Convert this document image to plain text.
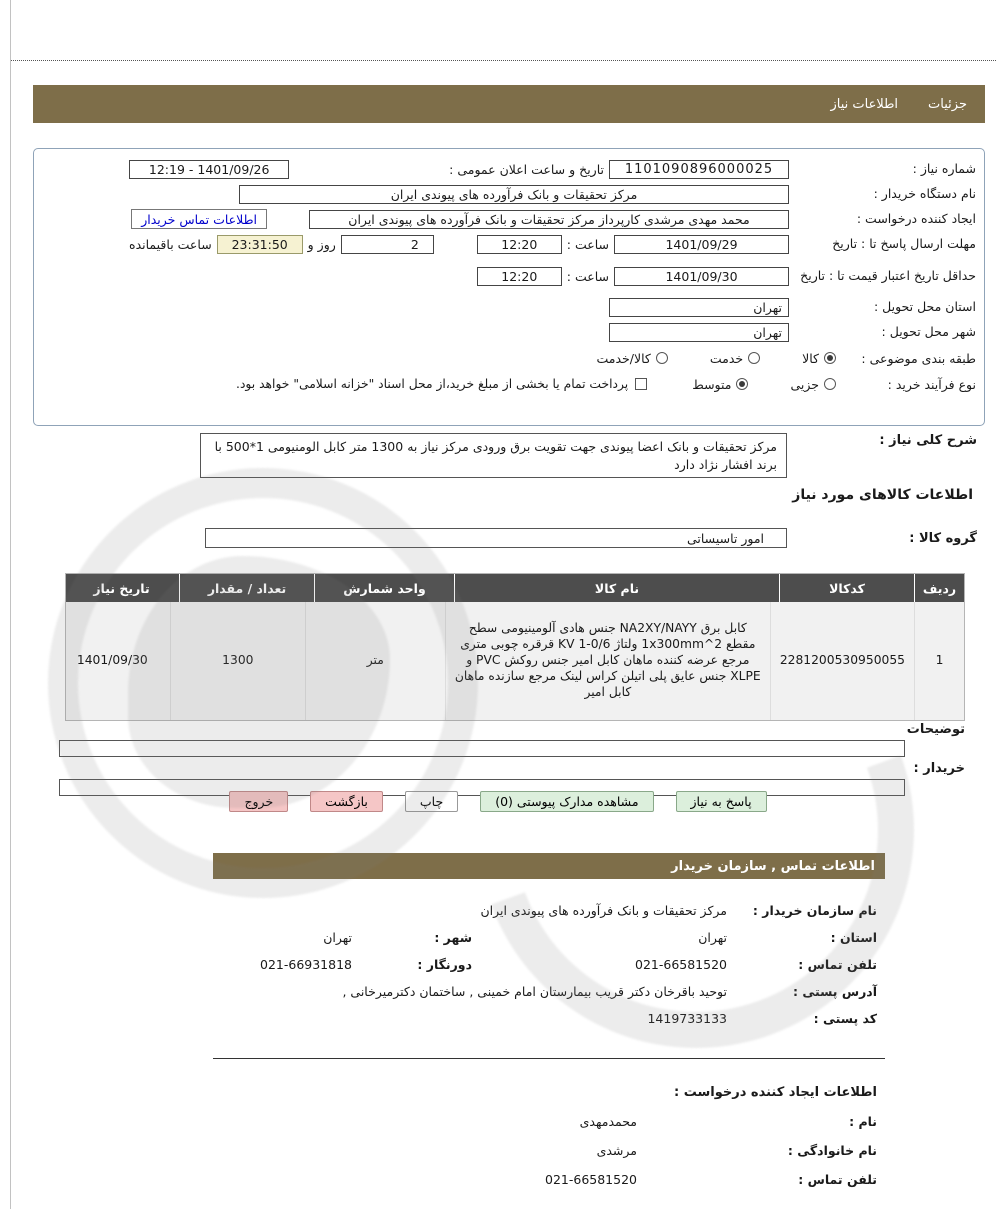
جزئیات
اطلاعات نیاز
شماره نیاز :
1101090896000025
تاریخ و ساعت اعلان عمومی :
1401/09/26 - 12:19
نام دستگاه خریدار :
مرکز تحقیقات و بانک فرآورده های پیوندی ایران
ایجاد کننده درخواست :
محمد مهدی مرشدی کارپرداز مرکز تحقیقات و بانک فرآورده های پیوندی ایران
اطلاعات تماس خریدار
مهلت ارسال پاسخ تا : تاریخ
1401/09/29
ساعت :
12:20
2
روز و
23:31:50
ساعت باقیمانده
حداقل تاریخ اعتبار قیمت تا : تاریخ
1401/09/30
ساعت :
12:20
استان محل تحویل :
تهران
شهر محل تحویل :
تهران
طبقه بندی موضوعی :
کالا
خدمت
کالا/خدمت
نوع فرآیند خرید :
جزیی
متوسط
پرداخت تمام یا بخشی از مبلغ خرید،از محل اسناد "خزانه اسلامی" خواهد بود.
شرح کلی نیاز :
مرکز تحقیقات و بانک اعضا پیوندی جهت تقویت برق ورودی مرکز نیاز به 1300 متر کابل الومنیومی 1*500 با برند افشار نژاد دارد
اطلاعات کالاهای مورد نیاز
گروه کالا :
امور تاسیساتی
ردیف
کدکالا
نام کالا
واحد شمارش
تعداد / مقدار
تاریخ نیاز
1
2281200530950055
کابل برق NA2XY/NAYY جنس هادی آلومینیومی سطح مقطع 1x300mm^2 ولتاژ 0/6-1 KV قرقره چوبی متری مرجع عرضه کننده ماهان کابل امیر جنس روکش PVC و XLPE جنس عایق پلی اتیلن کراس لینک مرجع سازنده ماهان کابل امیر
متر
1300
1401/09/30
توضیحات
خریدار :
پاسخ به نیاز
مشاهده مدارک پیوستی (0)
چاپ
بازگشت
خروج
اطلاعات تماس , سازمان خریدار
نام سازمان خریدار :
مرکز تحقیقات و بانک فرآورده های پیوندی ایران
استان :
تهران
شهر :
تهران
تلفن تماس :
021-66581520
دورنگار :
021-66931818
آدرس پستی :
توحید باقرخان دکتر قریب بیمارستان امام خمینی , ساختمان دکترمیرخانی ,
کد پستی :
1419733133
اطلاعات ایجاد کننده درخواست :
نام :
محمدمهدی
نام خانوادگی :
مرشدی
تلفن تماس :
021-66581520
